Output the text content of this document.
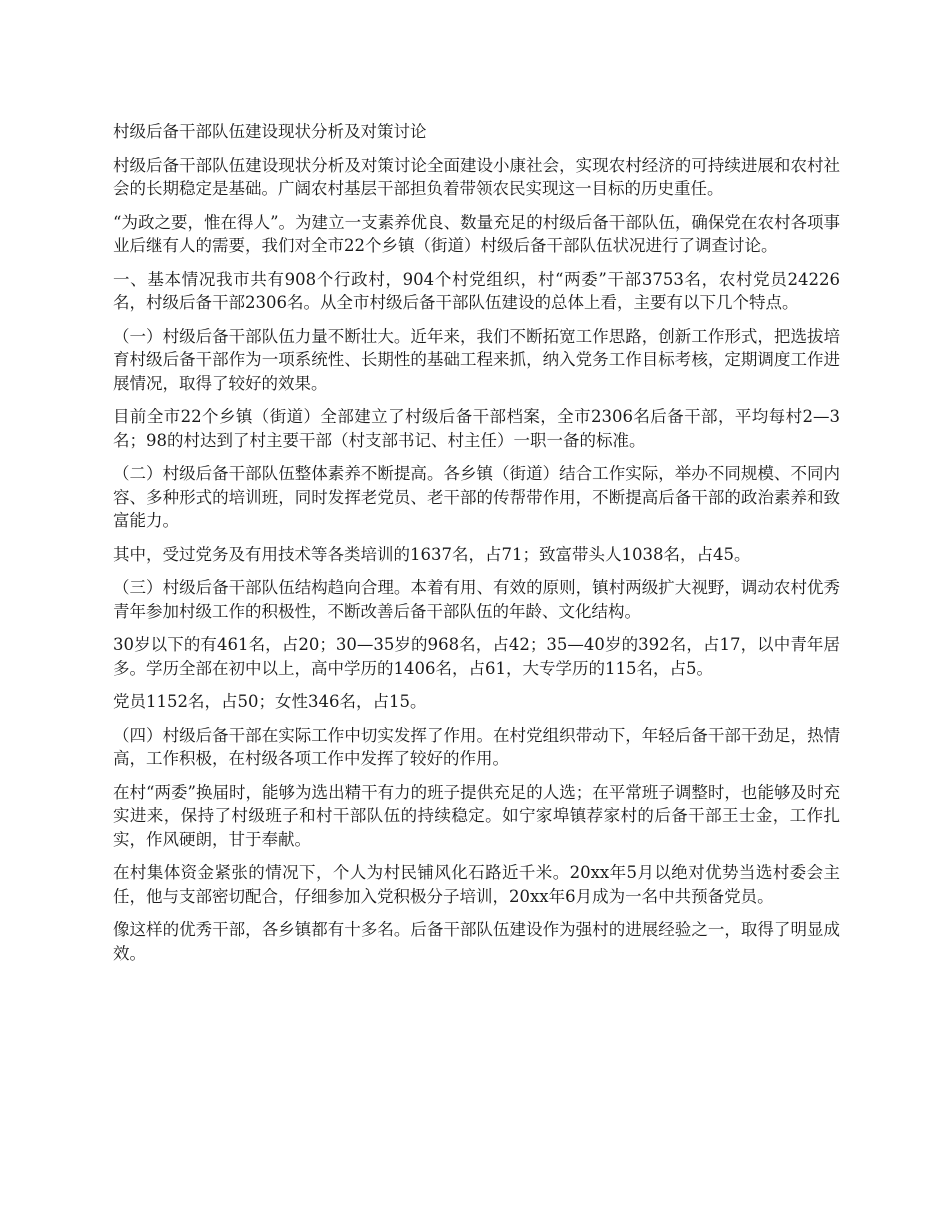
村级后备干部队伍建设现状分析及对策讨论

村级后备干部队伍建设现状分析及对策讨论全面建设小康社会，实现农村经济的可持续进展和农村社会的长期稳定是基础。广阔农村基层干部担负着带领农民实现这一目标的历史重任。

“为政之要，惟在得人”。为建立一支素养优良、数量充足的村级后备干部队伍，确保党在农村各项事业后继有人的需要，我们对全市22个乡镇（街道）村级后备干部队伍状况进行了调查讨论。

一、基本情况我市共有908个行政村，904个村党组织，村“两委”干部3753名，农村党员24226名，村级后备干部2306名。从全市村级后备干部队伍建设的总体上看，主要有以下几个特点。

（一）村级后备干部队伍力量不断壮大。近年来，我们不断拓宽工作思路，创新工作形式，把选拔培育村级后备干部作为一项系统性、长期性的基础工程来抓，纳入党务工作目标考核，定期调度工作进展情况，取得了较好的效果。

目前全市22个乡镇（街道）全部建立了村级后备干部档案，全市2306名后备干部，平均每村2—3名；98的村达到了村主要干部（村支部书记、村主任）一职一备的标准。

（二）村级后备干部队伍整体素养不断提高。各乡镇（街道）结合工作实际，举办不同规模、不同内容、多种形式的培训班，同时发挥老党员、老干部的传帮带作用，不断提高后备干部的政治素养和致富能力。

其中，受过党务及有用技术等各类培训的1637名，占71；致富带头人1038名，占45。

（三）村级后备干部队伍结构趋向合理。本着有用、有效的原则，镇村两级扩大视野，调动农村优秀青年参加村级工作的积极性，不断改善后备干部队伍的年龄、文化结构。

30岁以下的有461名，占20；30—35岁的968名，占42；35—40岁的392名，占17，以中青年居多。学历全部在初中以上，高中学历的1406名，占61，大专学历的115名，占5。

党员1152名，占50；女性346名，占15。

（四）村级后备干部在实际工作中切实发挥了作用。在村党组织带动下，年轻后备干部干劲足，热情高，工作积极，在村级各项工作中发挥了较好的作用。

在村“两委”换届时，能够为选出精干有力的班子提供充足的人选；在平常班子调整时，也能够及时充实进来，保持了村级班子和村干部队伍的持续稳定。如宁家埠镇荐家村的后备干部王士金，工作扎实，作风硬朗，甘于奉献。

在村集体资金紧张的情况下，个人为村民铺风化石路近千米。20xx年5月以绝对优势当选村委会主任，他与支部密切配合，仔细参加入党积极分子培训，20xx年6月成为一名中共预备党员。

像这样的优秀干部，各乡镇都有十多名。后备干部队伍建设作为强村的进展经验之一，取得了明显成效。
